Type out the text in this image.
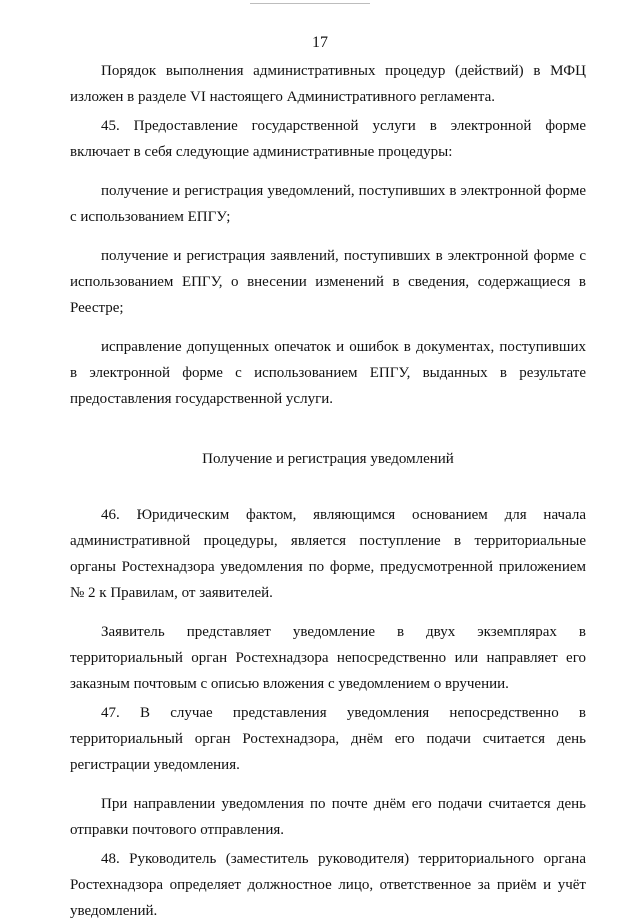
17

Порядок выполнения административных процедур (действий) в МФЦ изложен в разделе VI настоящего Административного регламента.

45. Предоставление государственной услуги в электронной форме включает в себя следующие административные процедуры:

получение и регистрация уведомлений, поступивших в электронной форме с использованием ЕПГУ;

получение и регистрация заявлений, поступивших в электронной форме с использованием ЕПГУ, о внесении изменений в сведения, содержащиеся в Реестре;

исправление допущенных опечаток и ошибок в документах, поступивших в электронной форме с использованием ЕПГУ, выданных в результате предоставления государственной услуги.

Получение и регистрация уведомлений

46. Юридическим фактом, являющимся основанием для начала административной процедуры, является поступление в территориальные органы Ростехнадзора уведомления по форме, предусмотренной приложением № 2 к Правилам, от заявителей.

Заявитель представляет уведомление в двух экземплярах в территориальный орган Ростехнадзора непосредственно или направляет его заказным почтовым с описью вложения с уведомлением о вручении.

47. В случае представления уведомления непосредственно в территориальный орган Ростехнадзора, днём его подачи считается день регистрации уведомления.

При направлении уведомления по почте днём его подачи считается день отправки почтового отправления.

48. Руководитель (заместитель руководителя) территориального органа Ростехнадзора определяет должностное лицо, ответственное за приём и учёт уведомлений.
